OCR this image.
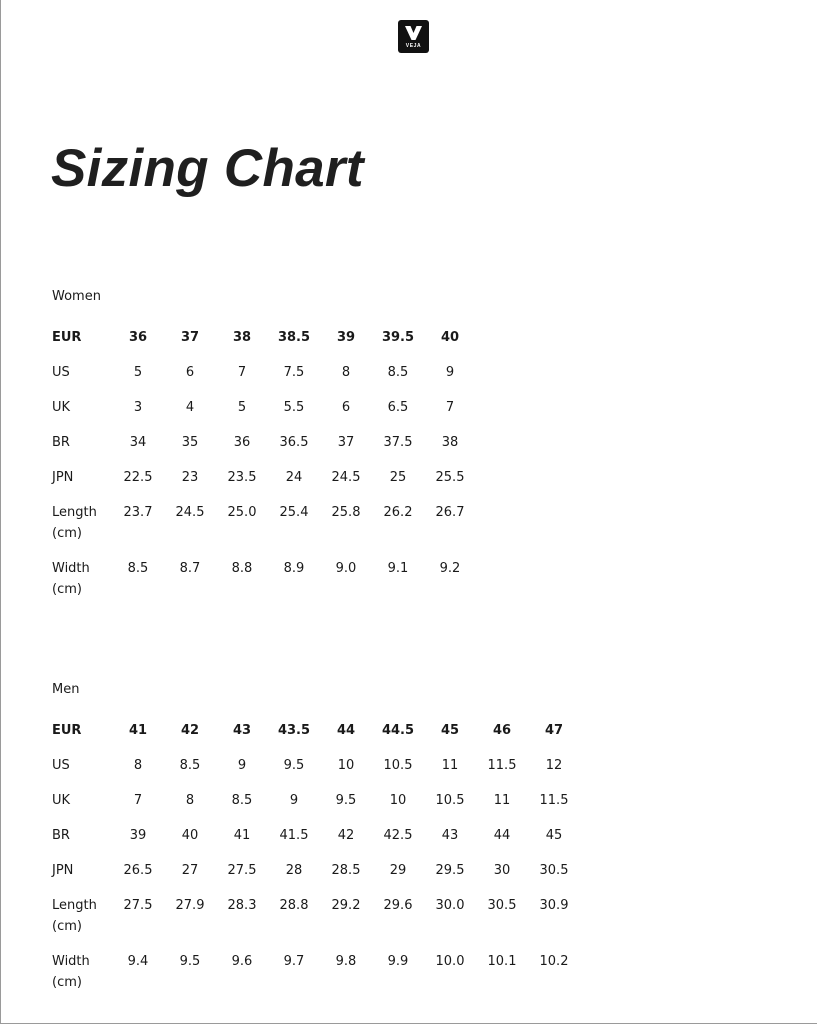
VEJA
Sizing Chart
Women
EUR	36	37	38	38.5	39	39.5	40
US	5	6	7	7.5	8	8.5	9
UK	3	4	5	5.5	6	6.5	7
BR	34	35	36	36.5	37	37.5	38
JPN	22.5	23	23.5	24	24.5	25	25.5
Length
(cm)	23.7	24.5	25.0	25.4	25.8	26.2	26.7
Width
(cm)	8.5	8.7	8.8	8.9	9.0	9.1	9.2
Men
EUR	41	42	43	43.5	44	44.5	45	46	47
US	8	8.5	9	9.5	10	10.5	11	11.5	12
UK	7	8	8.5	9	9.5	10	10.5	11	11.5
BR	39	40	41	41.5	42	42.5	43	44	45
JPN	26.5	27	27.5	28	28.5	29	29.5	30	30.5
Length
(cm)	27.5	27.9	28.3	28.8	29.2	29.6	30.0	30.5	30.9
Width
(cm)	9.4	9.5	9.6	9.7	9.8	9.9	10.0	10.1	10.2
